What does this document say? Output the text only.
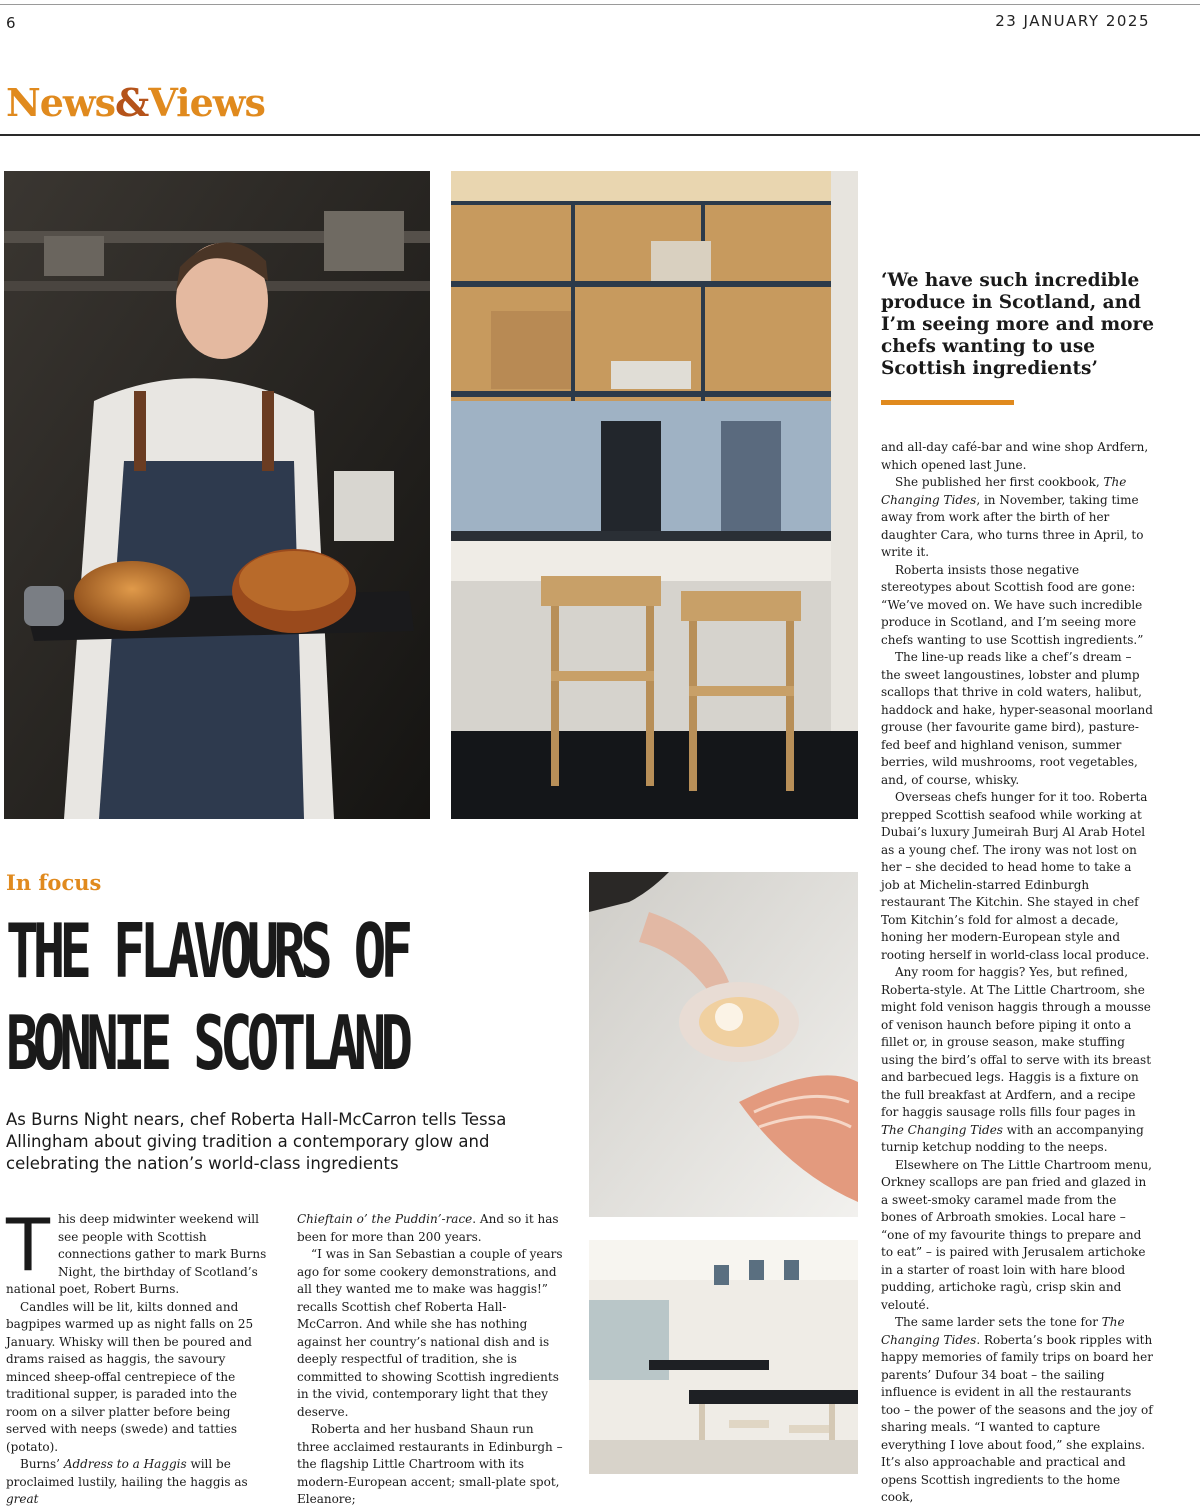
6	23 JANUARY 2025
News&Views
‘We have such incredible produce in Scotland, and I’m seeing more and more chefs wanting to use Scottish ingredients’
In focus
THE FLAVOURS OF
BONNIE SCOTLAND
As Burns Night nears, chef Roberta Hall-McCarron tells Tessa Allingham about giving tradition a contemporary glow and celebrating the nation’s world-class ingredients

This deep midwinter weekend will see people with Scottish connections gather to mark Burns Night, the birthday of Scotland’s national poet, Robert Burns.

Candles will be lit, kilts donned and bagpipes warmed up as night falls on 25 January. Whisky will then be poured and drams raised as haggis, the savoury minced sheep-offal centrepiece of the traditional supper, is paraded into the room on a silver platter before being served with neeps (swede) and tatties (potato).

Burns’ Address to a Haggis will be proclaimed lustily, hailing the haggis as great

Chieftain o’ the Puddin’-race. And so it has been for more than 200 years.

“I was in San Sebastian a couple of years ago for some cookery demonstrations, and all they wanted me to make was haggis!” recalls Scottish chef Roberta Hall-McCarron. And while she has nothing against her country’s national dish and is deeply respectful of tradition, she is committed to showing Scottish ingredients in the vivid, contemporary light that they deserve.

Roberta and her husband Shaun run three acclaimed restaurants in Edinburgh – the flagship Little Chartroom with its modern-European accent; small-plate spot, Eleanore;

and all-day café-bar and wine shop Ardfern, which opened last June.

She published her first cookbook, The Changing Tides, in November, taking time away from work after the birth of her daughter Cara, who turns three in April, to write it.

Roberta insists those negative stereotypes about Scottish food are gone: “We’ve moved on. We have such incredible produce in Scotland, and I’m seeing more chefs wanting to use Scottish ingredients.”

The line-up reads like a chef’s dream – the sweet langoustines, lobster and plump scallops that thrive in cold waters, halibut, haddock and hake, hyper-seasonal moorland grouse (her favourite game bird), pasture-fed beef and highland venison, summer berries, wild mushrooms, root vegetables, and, of course, whisky.

Overseas chefs hunger for it too. Roberta prepped Scottish seafood while working at Dubai’s luxury Jumeirah Burj Al Arab Hotel as a young chef. The irony was not lost on her – she decided to head home to take a job at Michelin-starred Edinburgh restaurant The Kitchin. She stayed in chef Tom Kitchin’s fold for almost a decade, honing her modern-European style and rooting herself in world-class local produce.

Any room for haggis? Yes, but refined, Roberta-style. At The Little Chartroom, she might fold venison haggis through a mousse of venison haunch before piping it onto a fillet or, in grouse season, make stuffing using the bird’s offal to serve with its breast and barbecued legs. Haggis is a fixture on the full breakfast at Ardfern, and a recipe for haggis sausage rolls fills four pages in The Changing Tides with an accompanying turnip ketchup nodding to the neeps.

Elsewhere on The Little Chartroom menu, Orkney scallops are pan fried and glazed in a sweet-smoky caramel made from the bones of Arbroath smokies. Local hare – “one of my favourite things to prepare and to eat” – is paired with Jerusalem artichoke in a starter of roast loin with hare blood pudding, artichoke ragù, crisp skin and velouté.

The same larder sets the tone for The Changing Tides. Roberta’s book ripples with happy memories of family trips on board her parents’ Dufour 34 boat – the sailing influence is evident in all the restaurants too – the power of the seasons and the joy of sharing meals. “I wanted to capture everything I love about food,” she explains. It’s also approachable and practical and opens Scottish ingredients to the home cook,
